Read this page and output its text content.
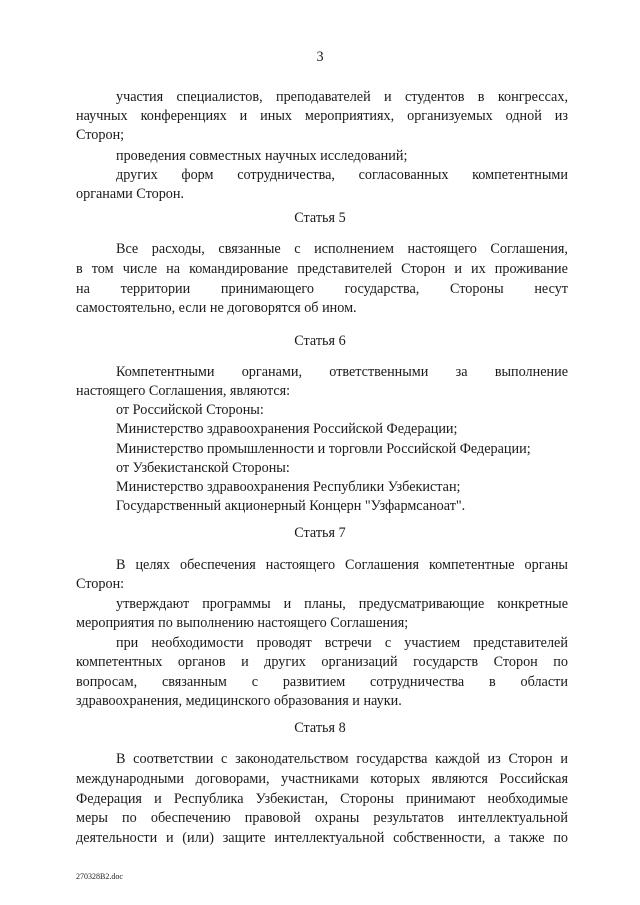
3
участия специалистов, преподавателей и студентов в конгрессах,
научных конференциях и иных мероприятиях, организуемых одной из
Сторон;
проведения совместных научных исследований;
других форм сотрудничества, согласованных компетентными
органами Сторон.
Статья 5
Все расходы, связанные с исполнением настоящего Соглашения,
в том числе на командирование представителей Сторон и их проживание
на территории принимающего государства, Стороны несут
самостоятельно, если не договорятся об ином.
Статья 6
Компетентными органами, ответственными за выполнение
настоящего Соглашения, являются:
от Российской Стороны:
Министерство здравоохранения Российской Федерации;
Министерство промышленности и торговли Российской Федерации;
от Узбекистанской Стороны:
Министерство здравоохранения Республики Узбекистан;
Государственный акционерный Концерн "Узфармсаноат".
Статья 7
В целях обеспечения настоящего Соглашения компетентные органы
Сторон:
утверждают программы и планы, предусматривающие конкретные
мероприятия по выполнению настоящего Соглашения;
при необходимости проводят встречи с участием представителей
компетентных органов и других организаций государств Сторон по
вопросам, связанным с развитием сотрудничества в области
здравоохранения, медицинского образования и науки.
Статья 8
В соответствии с законодательством государства каждой из Сторон и
международными договорами, участниками которых являются Российская
Федерация и Республика Узбекистан, Стороны принимают необходимые
меры по обеспечению правовой охраны результатов интеллектуальной
деятельности и (или) защите интеллектуальной собственности, а также по
270328B2.doc
